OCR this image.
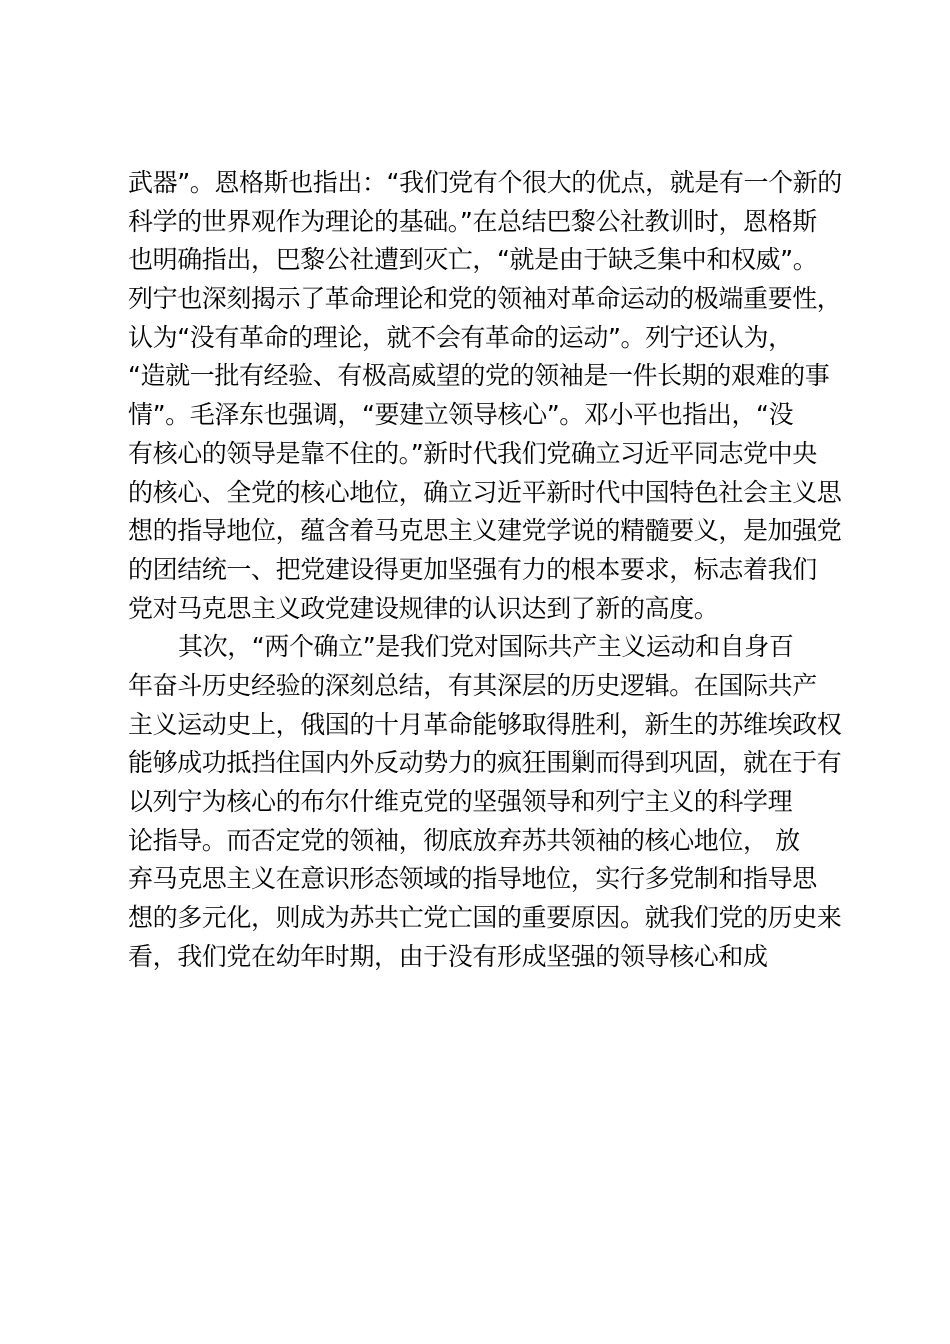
武器”。恩格斯也指出：“我们党有个很大的优点，就是有一个新的
科学的世界观作为理论的基础。”在总结巴黎公社教训时，恩格斯
也明确指出，巴黎公社遭到灭亡，“就是由于缺乏集中和权威”。
列宁也深刻揭示了革命理论和党的领袖对革命运动的极端重要性，
认为“没有革命的理论，就不会有革命的运动”。列宁还认为，
“造就一批有经验、有极高威望的党的领袖是一件长期的艰难的事
情”。毛泽东也强调，“要建立领导核心”。邓小平也指出，“没
有核心的领导是靠不住的。”新时代我们党确立习近平同志党中央
的核心、全党的核心地位，确立习近平新时代中国特色社会主义思
想的指导地位，蕴含着马克思主义建党学说的精髓要义，是加强党
的团结统一、把党建设得更加坚强有力的根本要求，标志着我们
党对马克思主义政党建设规律的认识达到了新的高度。
其次，“两个确立”是我们党对国际共产主义运动和自身百
年奋斗历史经验的深刻总结，有其深层的历史逻辑。在国际共产
主义运动史上，俄国的十月革命能够取得胜利，新生的苏维埃政权
能够成功抵挡住国内外反动势力的疯狂围剿而得到巩固，就在于有
以列宁为核心的布尔什维克党的坚强领导和列宁主义的科学理
论指导。而否定党的领袖，彻底放弃苏共领袖的核心地位， 放
弃马克思主义在意识形态领域的指导地位，实行多党制和指导思
想的多元化，则成为苏共亡党亡国的重要原因。就我们党的历史来
看，我们党在幼年时期，由于没有形成坚强的领导核心和成
